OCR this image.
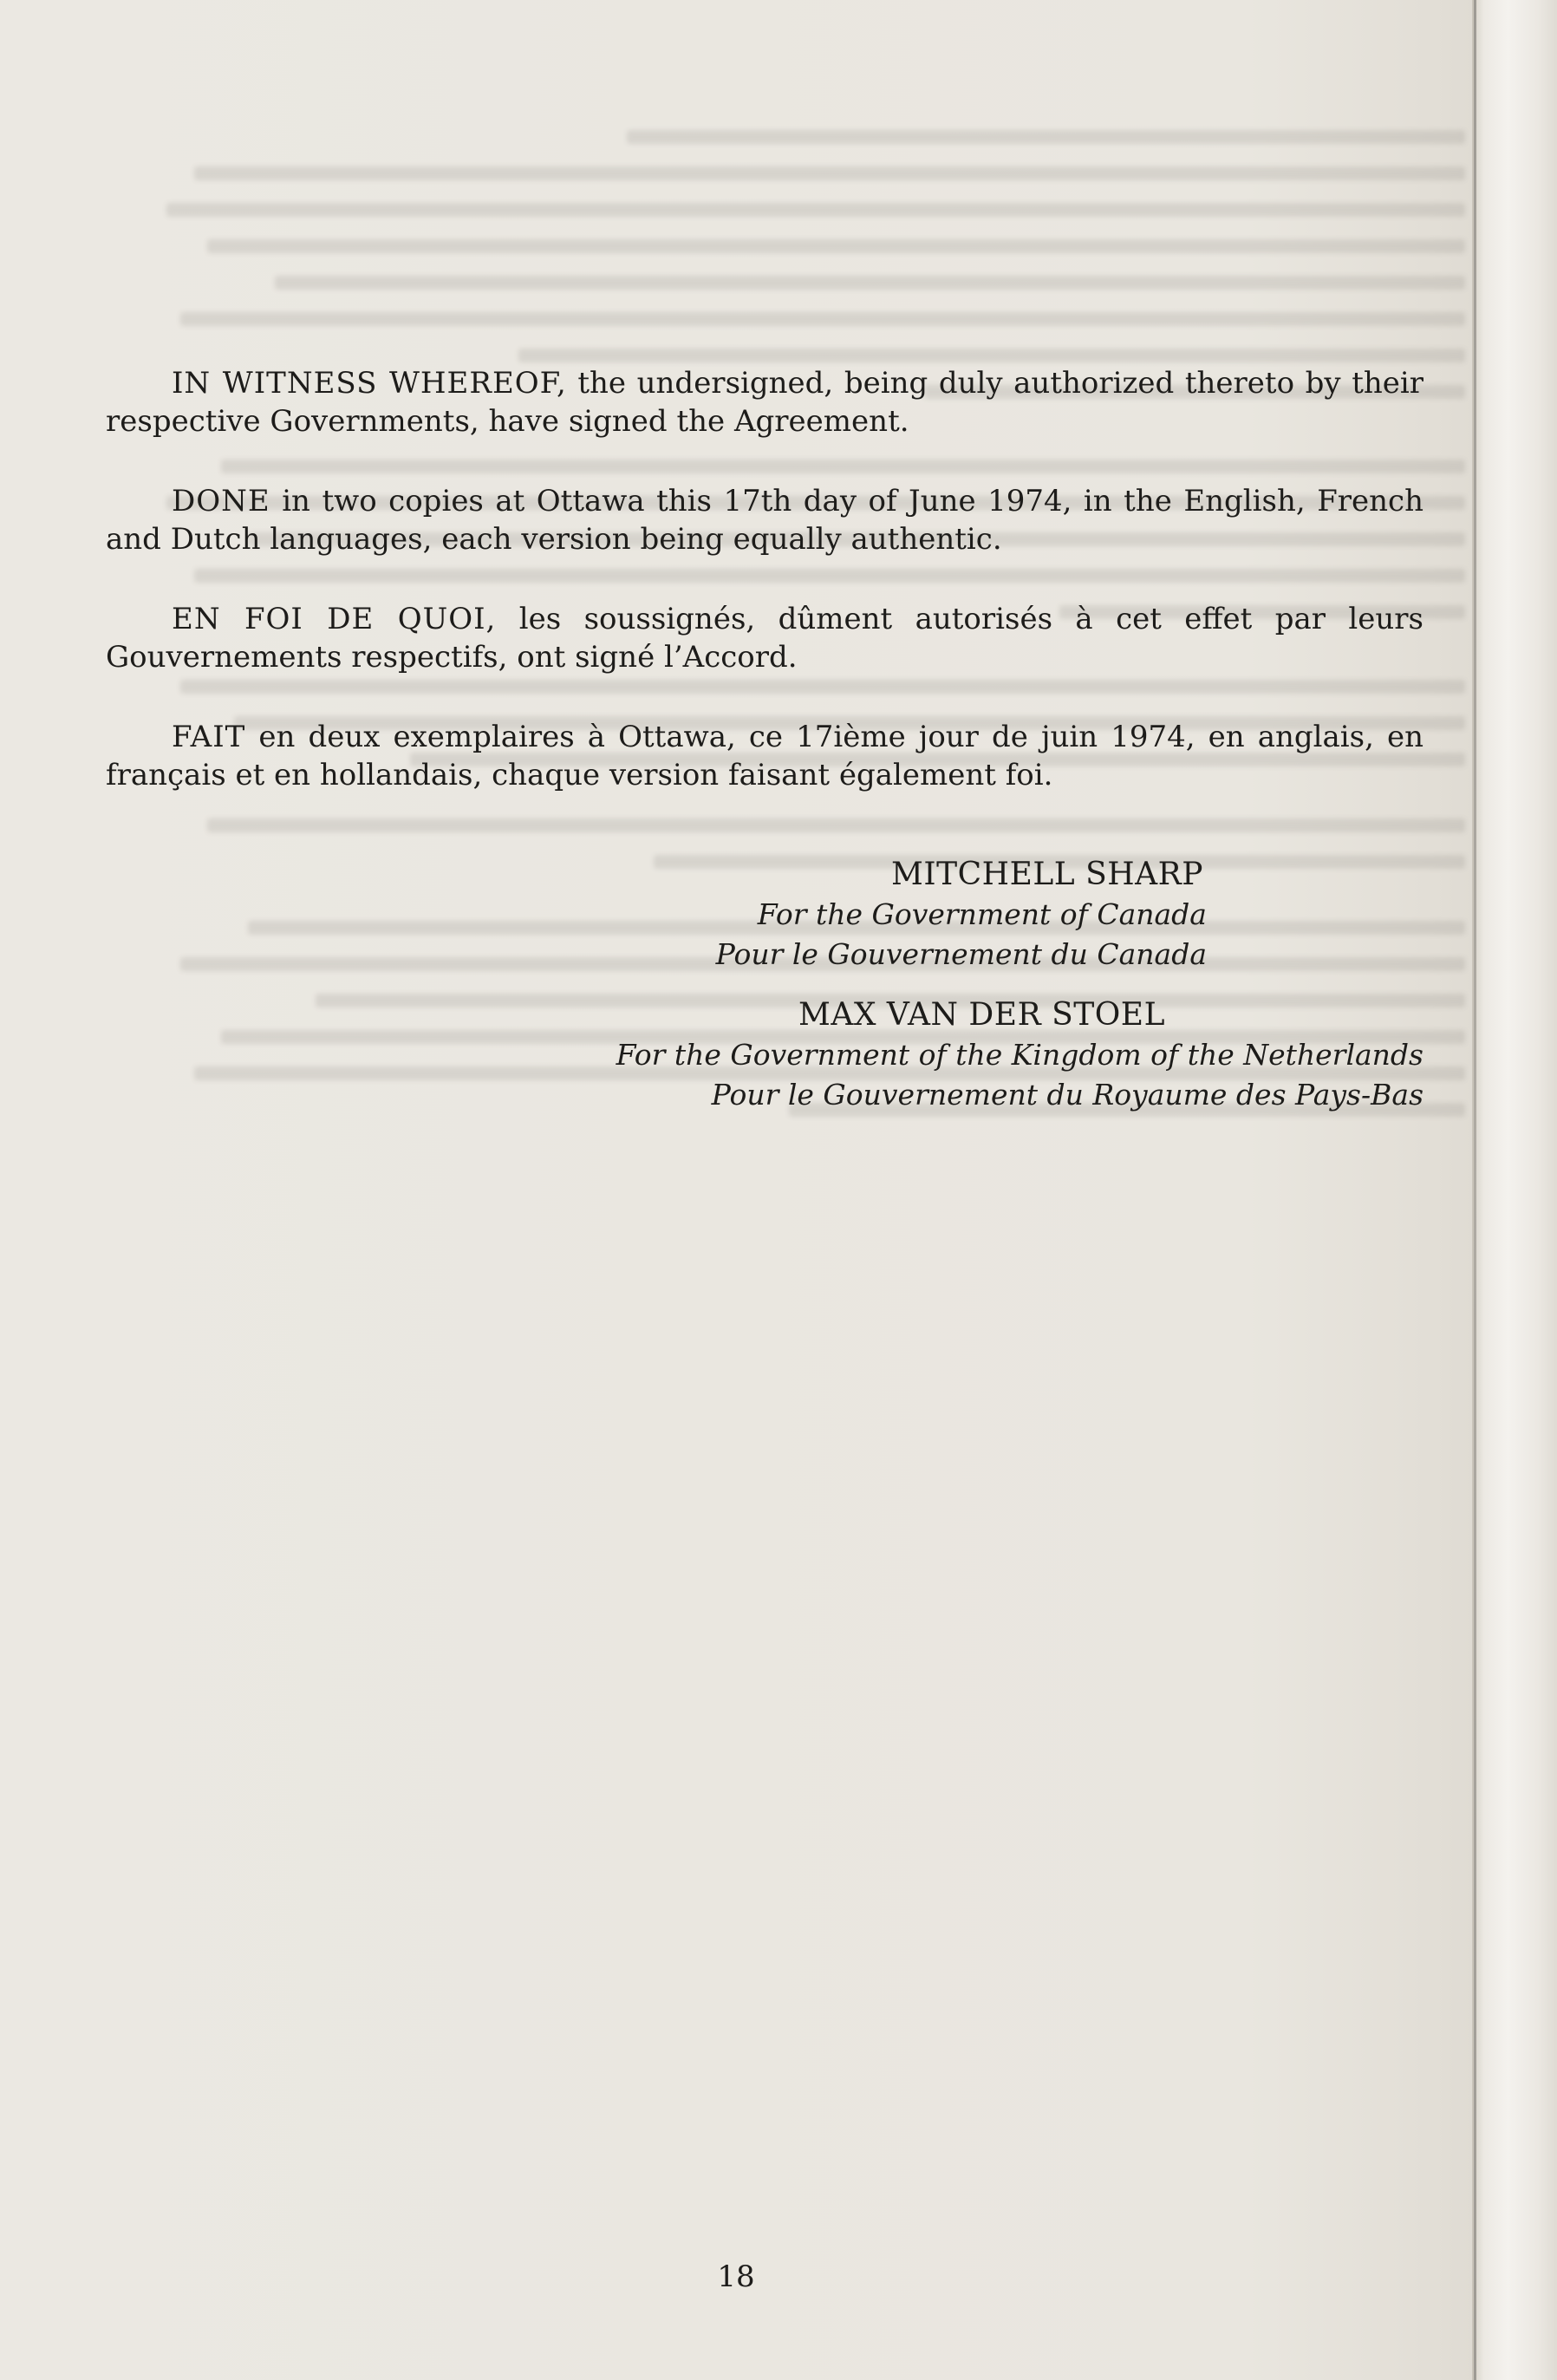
IN WITNESS WHEREOF, the undersigned, being duly authorized thereto by their respective Governments, have signed the Agreement.

DONE in two copies at Ottawa this 17th day of June 1974, in the English, French and Dutch languages, each version being equally authentic.

EN FOI DE QUOI, les soussignés, dûment autorisés à cet effet par leurs Gouvernements respectifs, ont signé l’Accord.

FAIT en deux exemplaires à Ottawa, ce 17ième jour de juin 1974, en anglais, en français et en hollandais, chaque version faisant également foi.

MITCHELL SHARP
For the Government of Canada
Pour le Gouvernement du Canada
MAX VAN DER STOEL
For the Government of the Kingdom of the Netherlands
Pour le Gouvernement du Royaume des Pays-Bas
18
